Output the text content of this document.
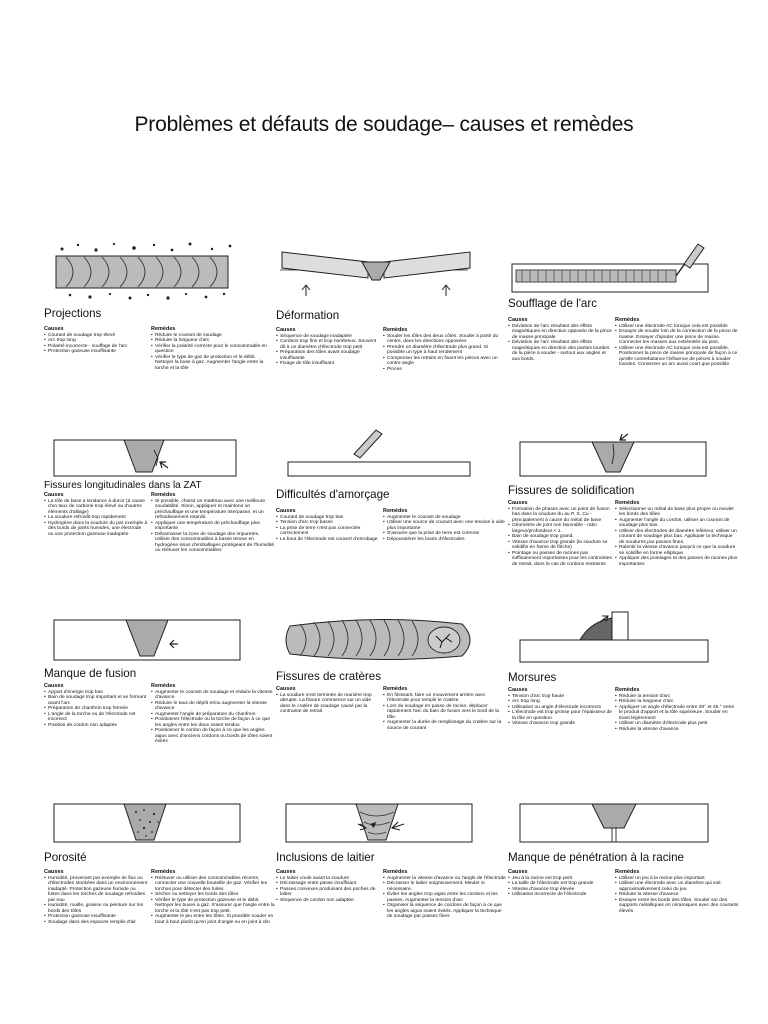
Problèmes et défauts de soudage– causes et remèdes
Projections
Causes
• Courant de soudage trop élevé
• Arc trop long
• Polarité incorrecte - souffage de l'arc
• Protection gazeuse insuffisante
Remèdes
• Réduire le courant de soudage
• Réduire la longueur d'arc
• Vérifier la polarité correcte pour le consommable en question
• Vérifier le type de gaz de protection et le débit. Nettoyer la buse à gaz. Augmenter l'angle entre la torche et la tôle
Déformation
Causes
• Séquence de soudage inadaptée
• Cordons trop fins et trop nombreux. Souvent dû à un diamètre d'électrode trop petit
• Préparation des tôles avant soudage insuffisante
• Fixage de tôle insuffisant
Remèdes
• Souder les tôles des deux côtés. Souder à partir du centre, dans les directions opposées
• Prendre un diamètre d'électrode plus grand. Si possible un type à haut rendement
• Compenser les retraits en fixant les pièces avec un contre angle
• Pinces
Soufflage de l'arc
Causes
• Déviation de l'arc résultant des effets magnétiques en direction opposée de la pince de masse principale
• Déviation de l'arc résultant des effets magnétiques en direction des parties lourdes de la pièce à souder - surtout aux angles et aux bords.
Remèdes
• Utiliser une électrode AC lorsque cela est possible
• Essayer de souder loin de la connection de la pince de masse. Essayer d'ajouter une pince de masse. Connecter les masses aux extrémités du joint.
• Utiliser une électrode AC lorsque cela est possible. Positionner la pince de masse principale de façon à ce qu'elle contrebalance l'influence de pièces à souder lourdes. Converser un arc aussi court que possible
Fissures longitudinales dans la ZAT
Causes
• La tôle de base a tendance à durcir (à cause d'un taux de carbone trop élevé ou d'autres éléments d'alliage)
• La soudure refroidit trop rapidement
• Hydrogène dans la soudure du par exemple à des bords de joints humides, une électrode ou une protection gazeuse inadaptée
Remèdes
• Si possible, choisir un matériau avec une meilleure soudabilité. Sinon, appliquer et maintenir un préchauffage et une température interpasse, et un refroidissement retardé.
• Appliquer une température de préchauffage plus importante
• Débarrasser la zone de soudage des impuretés. Utiliser des consommables à basse teneur en hydrogène issus d'emballages protégeant de l'humidité ou réétuver les consommables
Difficultés d'amorçage
Causes
• Courant de soudage trop bas
• Tension d'arc trop basse
• La prise de terre n'est pas connectée correctement
• Le bout de l'électrode est couvert d'enrobage
Remèdes
• Augmenter le courant de soudage
• Utiliser une source de courant avec une tension à vide plus importante
• S'assurer que la prise de terre est correcte
• Dépoussiérer les bouts d'électrodes
Fissures de solidification
Causes
• Formation de phases avec un point de fusion bas dans la soudure du au P, S, Cu - principalement à cause du métal de base
• Géométrie de joint non favorable - ratio largeur/profondeur < 1.
• Bain de soudage trop grand.
• Vitesse d'avance trop grande (la soudure se solidifie en forme de flèche)
• Pointage ou passes de racines pas suffisamment importantes pour les contraintes de retrait, dans le cas de cordons restreints
Remèdes
• Sélectionner un métal de base plus propre ou meuler les bords des tôles
• Augmenter l'angle du cordon, utiliser un courant de soudage plus bas.
• Utiliser des électrodes de diamètre inférieur, utiliser un courant de soudage plus bas. Appliquer la technique de soudures par passes fines.
• Ralentir la vitesse d'avance jusqu'à ce que la soudure se solidifie en forme elliptique
• Appliquer des pointages et des passes de racines plus importantes
Manque de fusion
Causes
• Apport d'énergie trop bas
• Bain de soudage trop important et se formant avant l'arc
• Préparation de chanfrein trop fermée
• L'angle de la torche ou de l'électrode est incorrect
• Position de cordon non adaptée
Remèdes
• Augmenter le courant de soudage et réduire la vitesse d'avance
• Réduire le taux de dépôt et/ou augmenter la vitesse d'avance
• Augmenter l'angle de préparation du chanfrein
• Positionner l'électrode ou la torche de façon à ce que les angles entre les deux soient tendus
• Positionner le cordon de façon à ce que les angles aigus avec d'anciens cordons ou bords de tôles soient évités
Fissures de cratères
Causes
• La soudure s'est terminée de manière trop abrupte. La fissure commence sur un vide dans le cratère de soudage causé par la contrainte de retrait
Remèdes
• En finissant, faire un mouvement arrière avec l'électrode pour remplir le cratère.
• Lors du soudage en passe de racine, déplacer rapidement l'arc du bain de fusion vers le bord de la tôle.
• Augmenter la durée de remplissage du cratère sur la source de courant
Morsures
Causes
• Tension d'arc trop haute
• Arc trop long
• Utilisation ou angle d'électrode incorrects
• L'électrode est trop grosse pour l'épaisseur de la tôle en question
• Vitesse d'avance trop grande
Remèdes
• Réduire la tension d'arc
• Réduire la longueur d'arc
• Appliquer un angle d'électrode entre 30° et 45 ° entre le produit d'apport et la tôle supérieure. Souder en tirant légèrement
• Utiliser un diamètre d'électrode plus petit
• Réduire la vitesse d'avance
Porosité
Causes
• Humidité, provenant par exemple de flux ou d'électrodes stockées dans un environnement inadapté. Protection gazeuse humide ou fuites dans les torches de soudage refroidies par eau
• Humidité, rouille, graisse ou peinture sur les bords des tôles
• Protection gazeuse insuffisante
• Soudage dans des espaces remplis d'air
Remèdes
• Réétuver ou utiliser des consommables récents, connecter une nouvelle bouteille de gaz. Vérifier les torches pour détecter des fuites
• Sécher ou nettoyer les bords des tôles
• Vérifier le type de protection gazeuse et le débit. Nettoyer les buses à gaz. S'assurer que l'angle entre la torche et la tôle n'est pas trop petit.
• Augmenter le jeu entre les tôles. Si possible souder en bout à bout plutôt qu'en joint d'angle ou en joint à clin
Inclusions de laitier
Causes
• Le laitier coule avant la soudure
• Décrassage entre passe insuffisant
• Passes convexes produisant des poches de laitier
• Séquence de cordon non adaptée
Remèdes
• Augmenter la vitesse d'avance ou l'angle de l'électrode
• Décrasser le laitier soigneusement. Meuler si nécessaire.
• Éviter les angles trop aigüs entre les cordons et les passes. Augmenter la tension d'arc
• Organiser la séquence de cordons de façon à ce que les angles aigus soient évités. Appliquer la technique de soudage par passes fines
Manque de pénétration à la racine
Causes
• Jeu à la racine est trop petit
• La taille de l'électrode est trop grande
• Vitesse d'avance trop élevée
• Utilisation incorrecte de l'électrode
Remèdes
• Utiliser un jeu à la racine plus important
• Utiliser une électrode avec un diamètre qui soit approximativement celui du jeu
• Réduire la vitesse d'avance
• Essayer entre les bords des tôles. Souder sur des supports métalliques en céramiques avec des courants élevés
